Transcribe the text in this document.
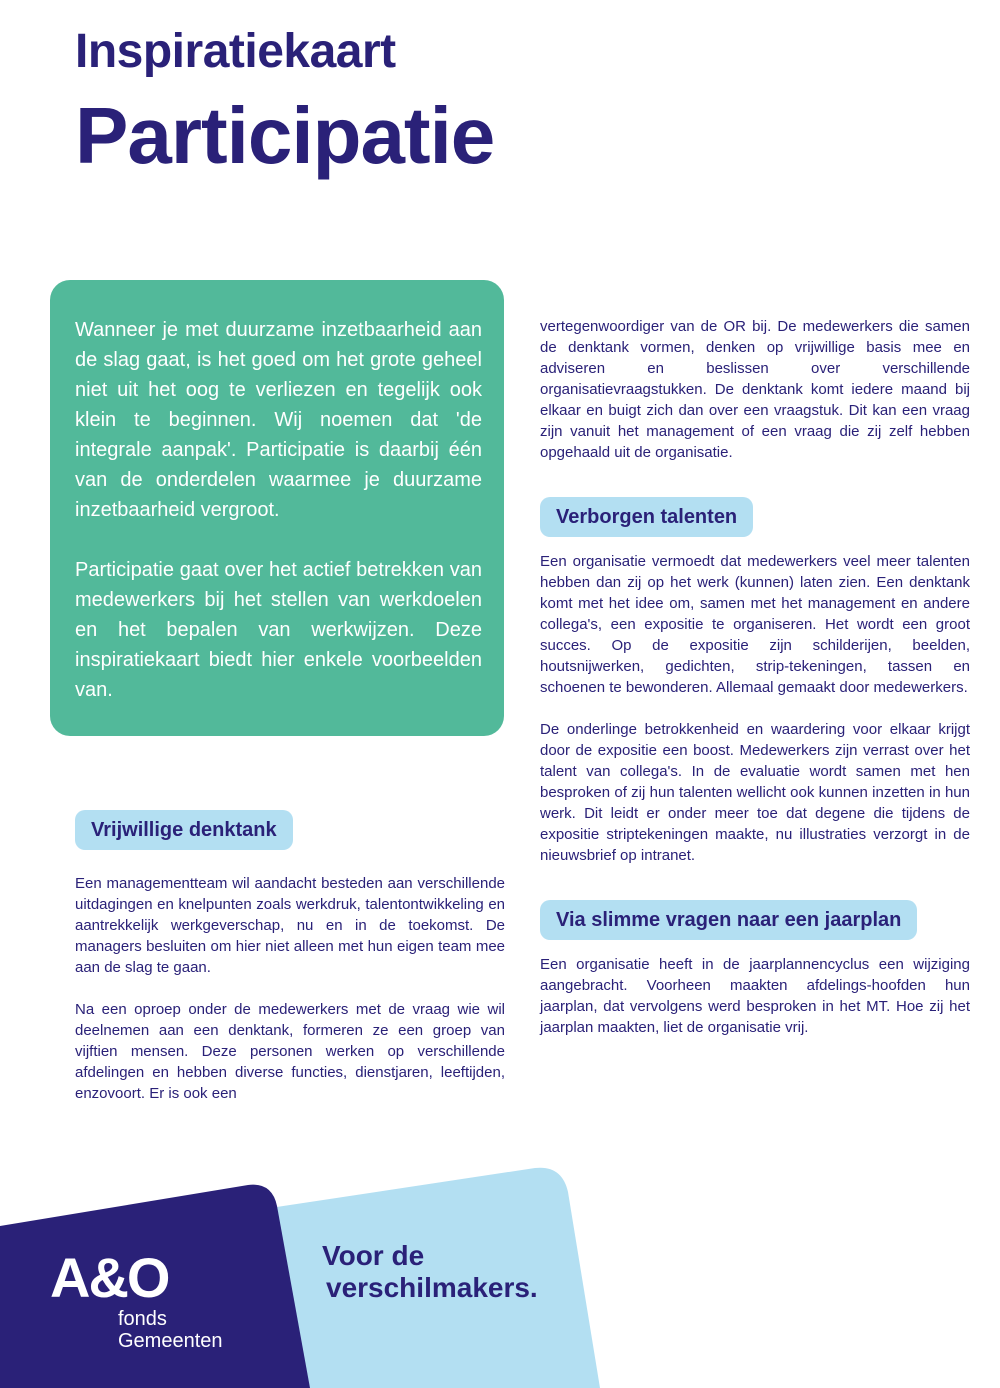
Inspiratiekaart
Participatie

Wanneer je met duurzame inzetbaarheid aan de slag gaat, is het goed om het grote geheel niet uit het oog te verliezen en tegelijk ook klein te beginnen. Wij noemen dat 'de integrale aanpak'. Participatie is daarbij één van de onderdelen waarmee je duurzame inzetbaarheid vergroot.

Participatie gaat over het actief betrekken van medewerkers bij het stellen van werkdoelen en het bepalen van werkwijzen. Deze inspiratiekaart biedt hier enkele voorbeelden van.

Vrijwillige denktank

Een managementteam wil aandacht besteden aan verschillende uitdagingen en knelpunten zoals werkdruk, talentontwikkeling en aantrekkelijk werkgeverschap, nu en in de toekomst. De managers besluiten om hier niet alleen met hun eigen team mee aan de slag te gaan.

Na een oproep onder de medewerkers met de vraag wie wil deelnemen aan een denktank, formeren ze een groep van vijftien mensen. Deze personen werken op verschillende afdelingen en hebben diverse functies, dienstjaren, leeftijden, enzovoort. Er is ook een

vertegenwoordiger van de OR bij. De medewerkers die samen de denktank vormen, denken op vrijwillige basis mee en adviseren en beslissen over verschillende organisatievraagstukken. De denktank komt iedere maand bij elkaar en buigt zich dan over een vraagstuk. Dit kan een vraag zijn vanuit het management of een vraag die zij zelf hebben opgehaald uit de organisatie.

Verborgen talenten

Een organisatie vermoedt dat medewerkers veel meer talenten hebben dan zij op het werk (kunnen) laten zien. Een denktank komt met het idee om, samen met het management en andere collega's, een expositie te organiseren. Het wordt een groot succes. Op de expositie zijn schilderijen, beelden, houtsnijwerken, gedichten, strip-tekeningen, tassen en schoenen te bewonderen. Allemaal gemaakt door medewerkers.

De onderlinge betrokkenheid en waardering voor elkaar krijgt door de expositie een boost. Medewerkers zijn verrast over het talent van collega's. In de evaluatie wordt samen met hen besproken of zij hun talenten wellicht ook kunnen inzetten in hun werk. Dit leidt er onder meer toe dat degene die tijdens de expositie striptekeningen maakte, nu illustraties verzorgt in de nieuwsbrief op intranet.

Via slimme vragen naar een jaarplan

Een organisatie heeft in de jaarplannencyclus een wijziging aangebracht. Voorheen maakten afdelings-hoofden hun jaarplan, dat vervolgens werd besproken in het MT. Hoe zij het jaarplan maakten, liet de organisatie vrij.

A&O
fonds
Gemeenten
Voor de
verschilmakers.
